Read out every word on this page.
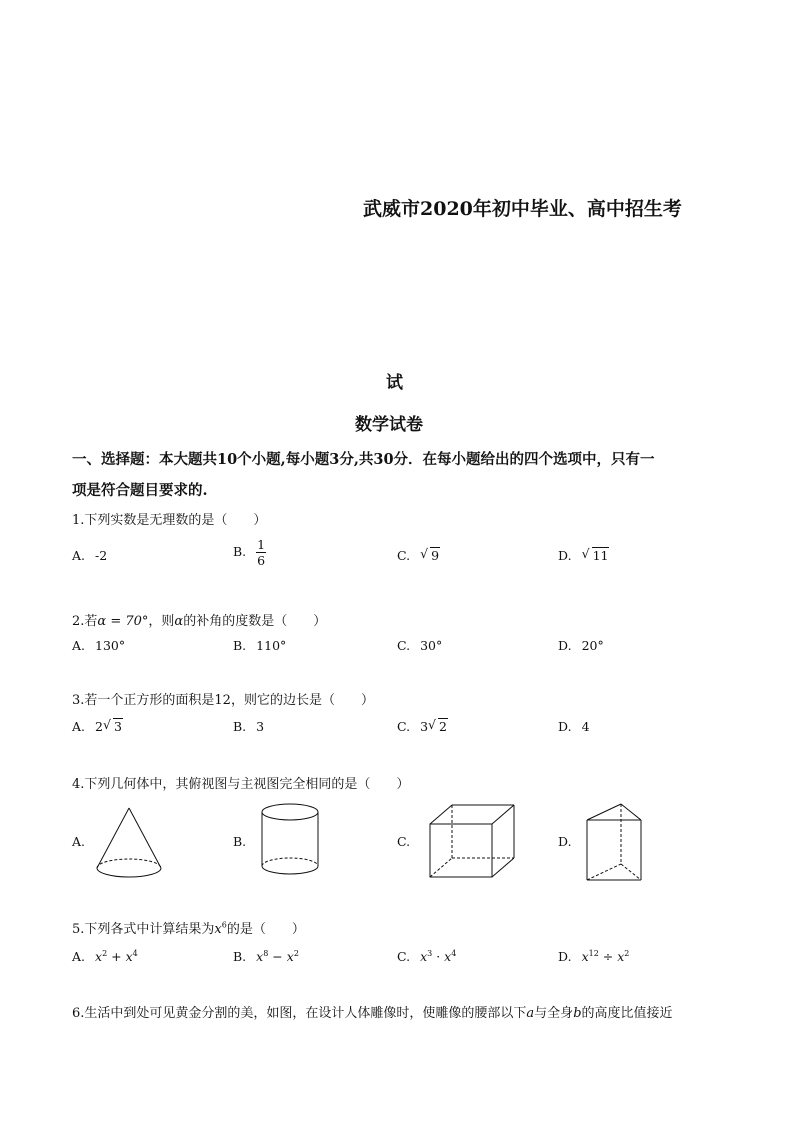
武威市2020年初中毕业、高中招生考
试
数学试卷
一、选择题：本大题共10个小题,每小题3分,共30分．在每小题给出的四个选项中，只有一
项是符合题目要求的.
1.下列实数是无理数的是（　　）
A. -2	B. $\frac{1}{6}$	C. √ 9	D. √ 11
2.若α = 70°，则α的补角的度数是（　　）
A. 130°	B. 110°	C. 30°	D. 20°
3.若一个正方形的面积是12，则它的边长是（　　）
A. 2 √ 3	B. 3	C. 3 √ 2	D. 4
4.下列几何体中，其俯视图与主视图完全相同的是（　　）
A.	B.	C.	D.
5.下列各式中计算结果为$x^6$的是（　　）
A. $x^2 + x^4$	B. $x^8 - x^2$	C. $x^3 \cdot x^4$	D. $x^{12} \div x^2$
6.生活中到处可见黄金分割的美，如图，在设计人体雕像时，使雕像的腰部以下a与全身b的高度比值接近
